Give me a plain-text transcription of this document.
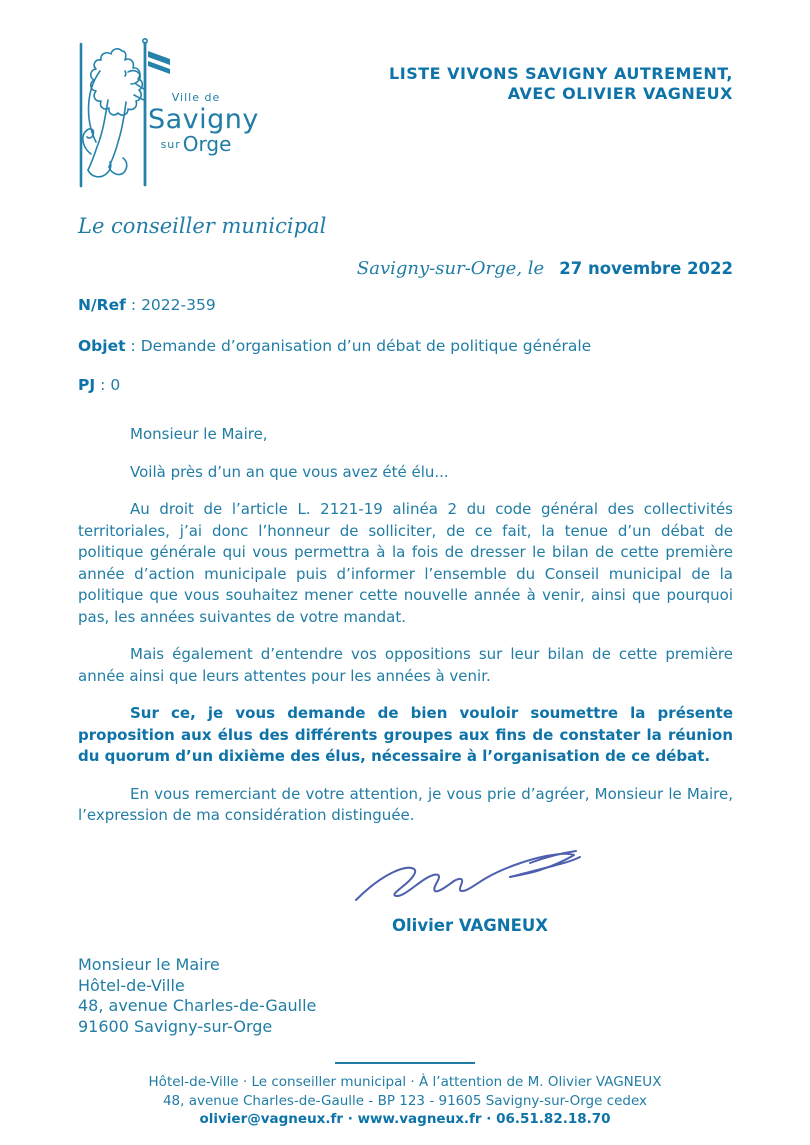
Ville de
Savigny
sur Orge
LISTE VIVONS SAVIGNY AUTREMENT,
AVEC OLIVIER VAGNEUX
Le conseiller municipal
Savigny-sur-Orge, le 27 novembre 2022
N/Ref : 2022-359
Objet : Demande d’organisation d’un débat de politique générale
PJ : 0

Monsieur le Maire,

Voilà près d’un an que vous avez été élu...

Au droit de l’article L. 2121-19 alinéa 2 du code général des collectivités territoriales, j’ai donc l’honneur de solliciter, de ce fait, la tenue d’un débat de politique générale qui vous permettra à la fois de dresser le bilan de cette première année d’action municipale puis d’informer l’ensemble du Conseil municipal de la politique que vous souhaitez mener cette nouvelle année à venir, ainsi que pourquoi pas, les années suivantes de votre mandat.

Mais également d’entendre vos oppositions sur leur bilan de cette première année ainsi que leurs attentes pour les années à venir.

Sur ce, je vous demande de bien vouloir soumettre la présente proposition aux élus des différents groupes aux fins de constater la réunion du quorum d’un dixième des élus, nécessaire à l’organisation de ce débat.

En vous remerciant de votre attention, je vous prie d’agréer, Monsieur le Maire, l’expression de ma considération distinguée.

Olivier VAGNEUX
Monsieur le Maire
Hôtel-de-Ville
48, avenue Charles-de-Gaulle
91600 Savigny-sur-Orge
Hôtel-de-Ville · Le conseiller municipal · À l’attention de M. Olivier VAGNEUX
48, avenue Charles-de-Gaulle - BP 123 - 91605 Savigny-sur-Orge cedex
olivier@vagneux.fr · www.vagneux.fr · 06.51.82.18.70
